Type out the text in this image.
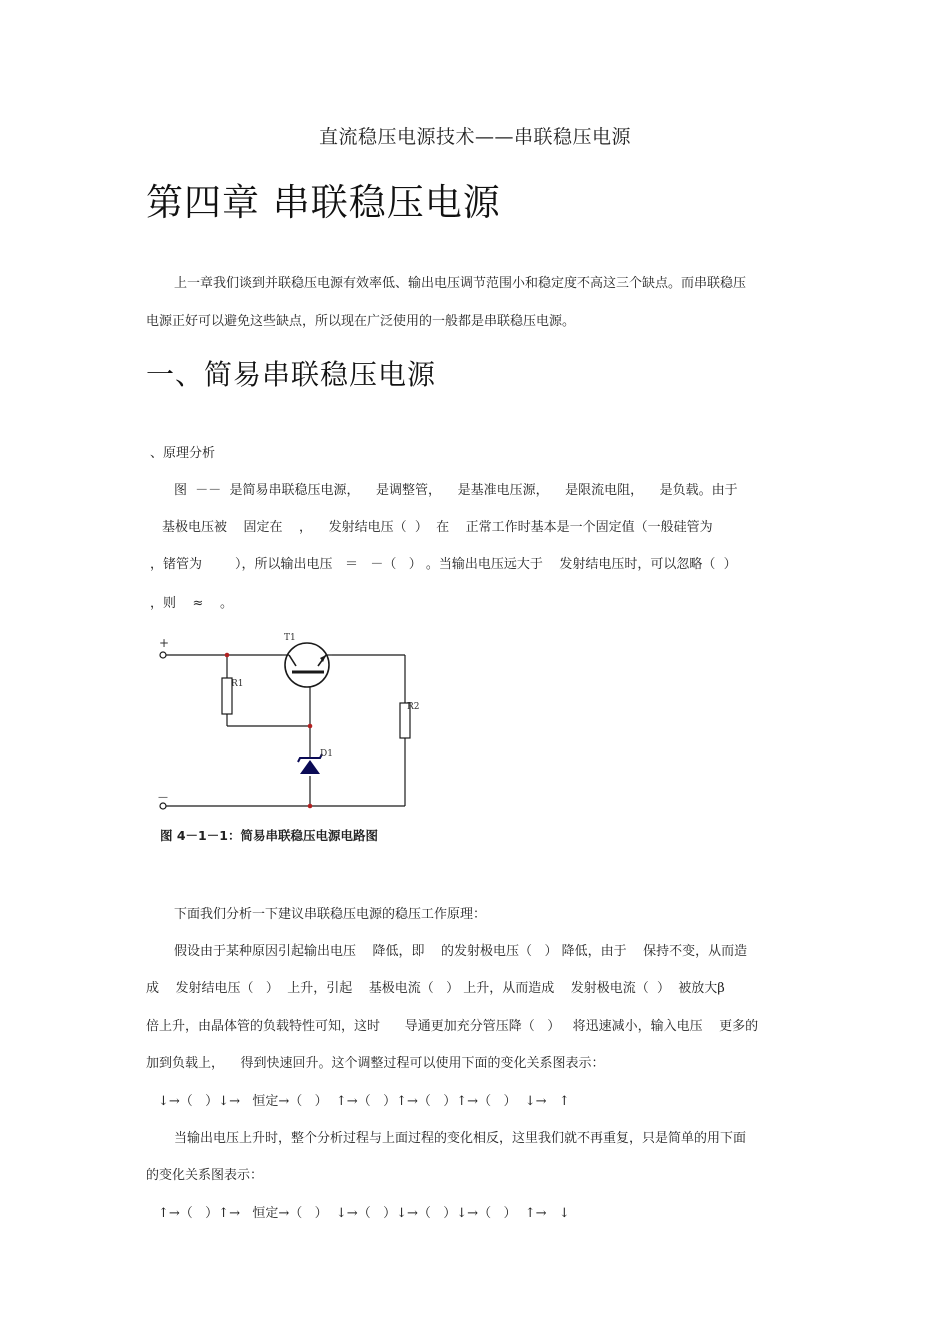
直流稳压电源技术——串联稳压电源
第四章 串联稳压电源
上一章我们谈到并联稳压电源有效率低、输出电压调节范围小和稳定度不高这三个缺点。而串联稳压
电源正好可以避免这些缺点，所以现在广泛使用的一般都是串联稳压电源。
一、简易串联稳压电源
、原理分析
图  －－  是简易串联稳压电源，    是调整管，    是基准电压源，    是限流电阻，    是负载。由于
基极电压被    固定在    ，    发射结电压（  ）  在    正常工作时基本是一个固定值（一般硅管为
，锗管为        ），所以输出电压   ＝   －（   ） 。当输出电压远大于    发射结电压时，可以忽略（  ）
，则    ≈    。
+
—
R1
R2
T1
D1
图 4－1－1：简易串联稳压电源电路图
下面我们分析一下建议串联稳压电源的稳压工作原理：
假设由于某种原因引起输出电压    降低，即    的发射极电压（   ） 降低，由于    保持不变，从而造
成    发射结电压（   ）  上升，引起    基极电流（   ） 上升，从而造成    发射极电流（  ）  被放大β
倍上升，由晶体管的负载特性可知，这时      导通更加充分管压降（   ）   将迅速减小，输入电压    更多的
加到负载上，    得到快速回升。这个调整过程可以使用下面的变化关系图表示：
↓→（   ）↓→   恒定→（   ）  ↑→（   ）↑→（   ）↑→（   ）  ↓→   ↑
当输出电压上升时，整个分析过程与上面过程的变化相反，这里我们就不再重复，只是简单的用下面
的变化关系图表示：
↑→（   ）↑→   恒定→（   ）  ↓→（   ）↓→（   ）↓→（   ）  ↑→   ↓
